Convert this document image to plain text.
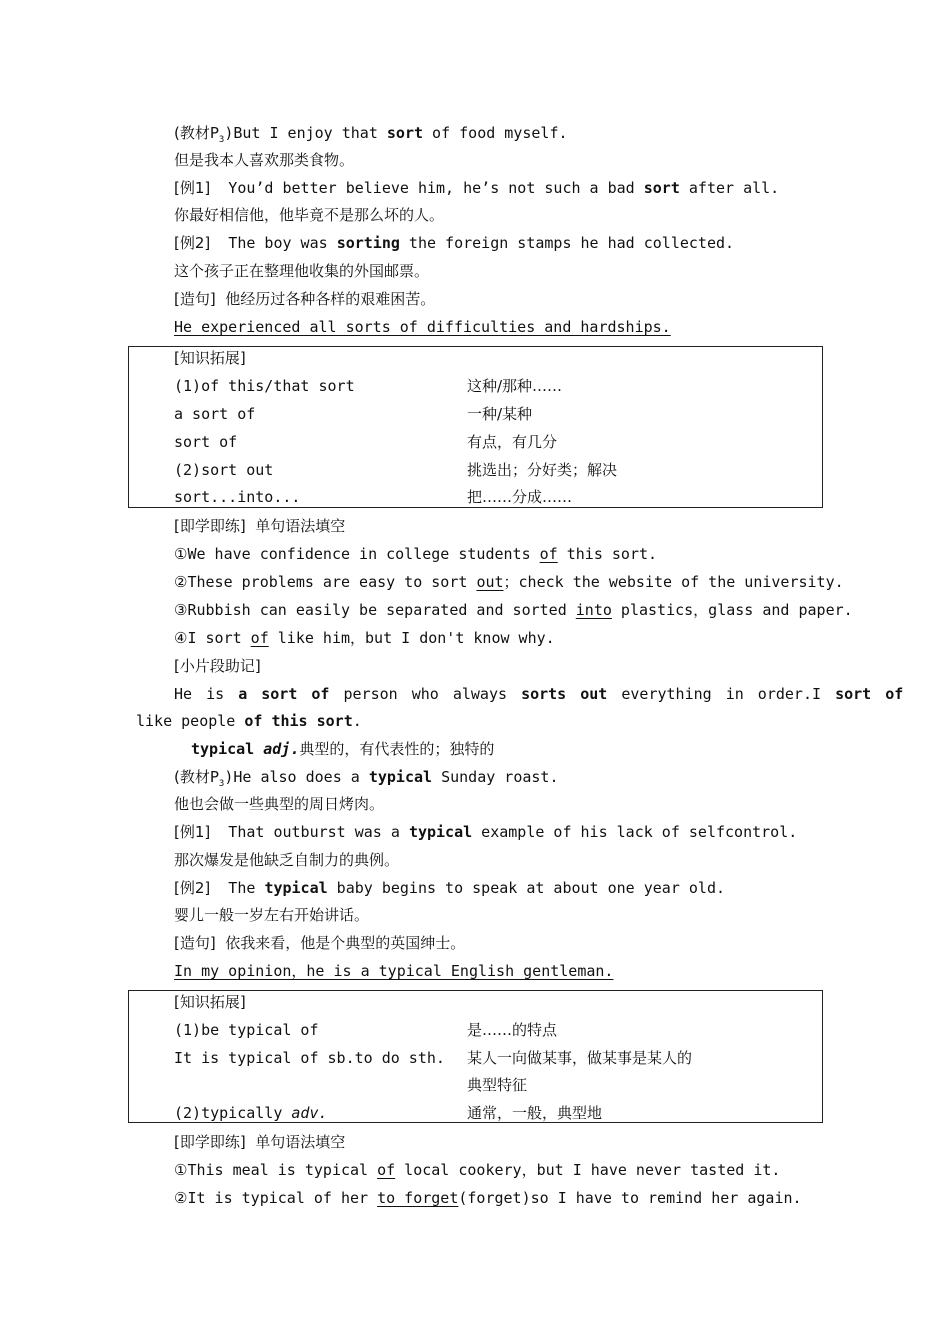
(教材$P_3)But$ I enjoy that sort of food myself.
但是我本人喜欢那类食物。
[例1]  You’d better believe him, he’s not such a bad sort after all.
你最好相信他，他毕竟不是那么坏的人。
[例2]  The boy was sorting the foreign stamps he had collected.
这个孩子正在整理他收集的外国邮票。
[造句]  他经历过各种各样的艰难困苦。
He experienced all sorts of difficulties and hardships.
[知识拓展]
(1)of this/that sort	这种/那种……
a sort of	一种/某种
sort of	有点，有几分
(2)sort out	挑选出；分好类；解决
sort...into...	把……分成……
[即学即练]  单句语法填空
①We have confidence in college students of this sort.
②These problems are easy to sort out；check the website of the university.
③Rubbish can easily be separated and sorted into plastics，glass and paper.
④I sort of like him，but I don't know why.
[小片段助记]
He is a sort of person who always sorts out everything in order.I sort of
like people of this sort.
typical adj.典型的，有代表性的；独特的
(教材$P_3)He$ also does a typical Sunday roast.
他也会做一些典型的周日烤肉。
[例1]  That outburst was a typical example of his lack of selfcontrol.
那次爆发是他缺乏自制力的典例。
[例2]  The typical baby begins to speak at about one year old.
婴儿一般一岁左右开始讲话。
[造句]  依我来看，他是个典型的英国绅士。
In my opinion，he is a typical English gentleman.
[知识拓展]
(1)be typical of	是……的特点
It is typical of sb.to do sth. 某人一向做某事，做某事是某人的
典型特征
(2)typically adv.	通常，一般，典型地
[即学即练]  单句语法填空
①This meal is typical of local cookery，but I have never tasted it.
②It is typical of her to forget(forget)so I have to remind her again.
